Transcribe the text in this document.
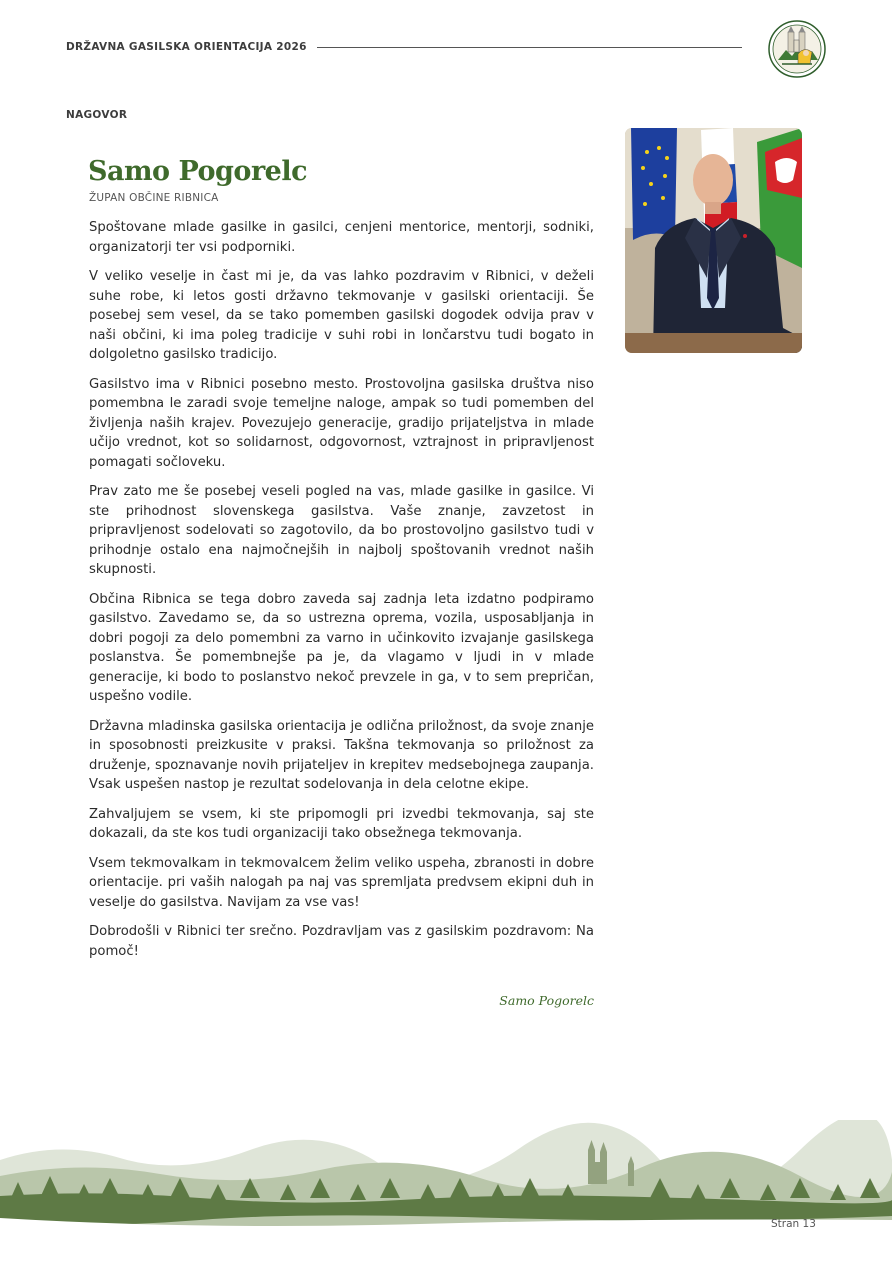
DRŽAVNA GASILSKA ORIENTACIJA 2026
NAGOVOR
Samo Pogorelc
ŽUPAN OBČINE RIBNICA

Spoštovane mlade gasilke in gasilci, cenjeni mentorice, mentorji, sodniki, organizatorji ter vsi podporniki.

V veliko veselje in čast mi je, da vas lahko pozdravim v Ribnici, v deželi suhe robe, ki letos gosti državno tekmovanje v gasilski orientaciji. Še posebej sem vesel, da se tako pomemben gasilski dogodek odvija prav v naši občini, ki ima poleg tradicije v suhi robi in lončarstvu tudi bogato in dolgoletno gasilsko tradicijo.

Gasilstvo ima v Ribnici posebno mesto. Prostovoljna gasilska društva niso pomembna le zaradi svoje temeljne naloge, ampak so tudi pomemben del življenja naših krajev. Povezujejo generacije, gradijo prijateljstva in mlade učijo vrednot, kot so solidarnost, odgovornost, vztrajnost in pripravljenost pomagati sočloveku.

Prav zato me še posebej veseli pogled na vas, mlade gasilke in gasilce. Vi ste prihodnost slovenskega gasilstva. Vaše znanje, zavzetost in pripravljenost sodelovati so zagotovilo, da bo prostovoljno gasilstvo tudi v prihodnje ostalo ena najmočnejših in najbolj spoštovanih vrednot naših skupnosti.

Občina Ribnica se tega dobro zaveda saj zadnja leta izdatno podpiramo gasilstvo. Zavedamo se, da so ustrezna oprema, vozila, usposabljanja in dobri pogoji za delo pomembni za varno in učinkovito izvajanje gasilskega poslanstva. Še pomembnejše pa je, da vlagamo v ljudi in v mlade generacije, ki bodo to poslanstvo nekoč prevzele in ga, v to sem prepričan, uspešno vodile.

Državna mladinska gasilska orientacija je odlična priložnost, da svoje znanje in sposobnosti preizkusite v praksi. Takšna tekmovanja so priložnost za druženje, spoznavanje novih prijateljev in krepitev medsebojnega zaupanja. Vsak uspešen nastop je rezultat sodelovanja in dela celotne ekipe.

Zahvaljujem se vsem, ki ste pripomogli pri izvedbi tekmovanja, saj ste dokazali, da ste kos tudi organizaciji tako obsežnega tekmovanja.

Vsem tekmovalkam in tekmovalcem želim veliko uspeha, zbranosti in dobre orientacije. pri vaših nalogah pa naj vas spremljata predvsem ekipni duh in veselje do gasilstva. Navijam za vse vas!

Dobrodošli v Ribnici ter srečno. Pozdravljam vas z gasilskim pozdravom: Na pomoč!

Samo Pogorelc
Stran 13
